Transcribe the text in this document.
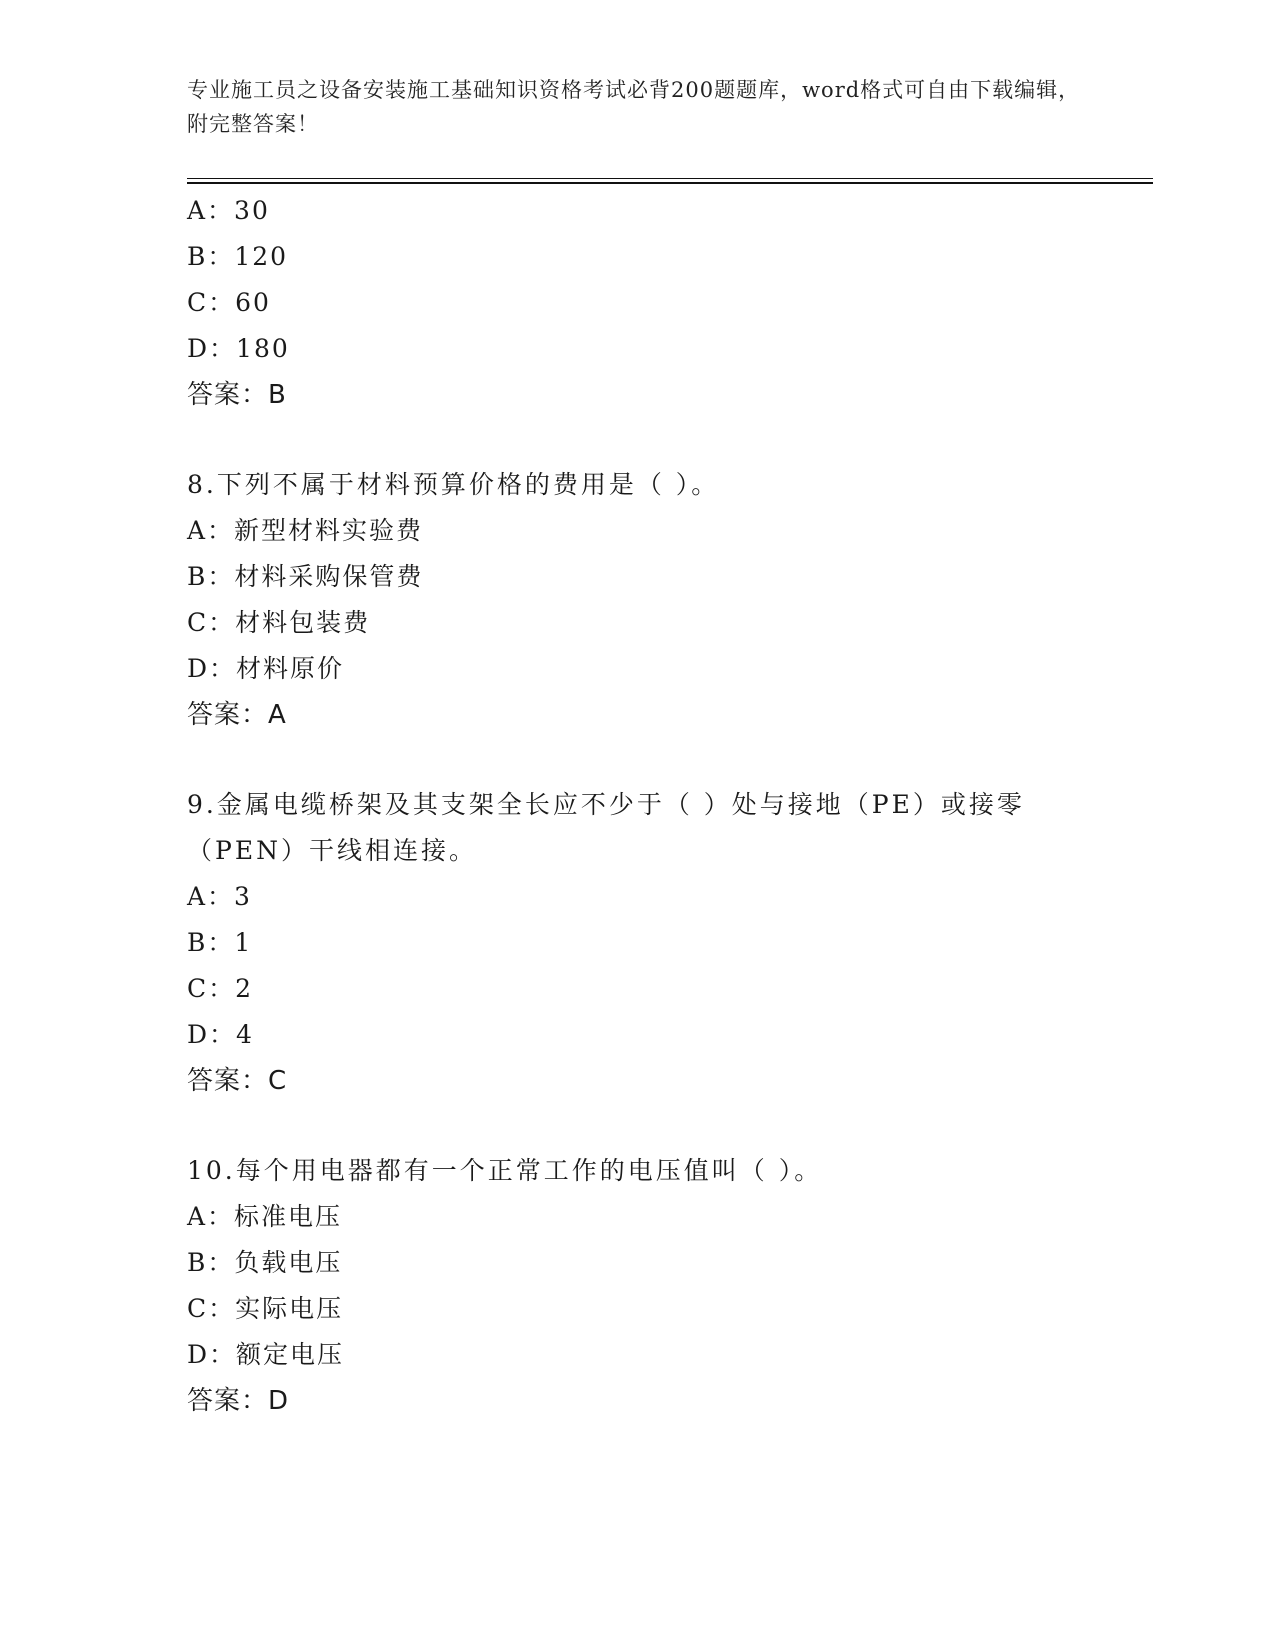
专业施工员之设备安装施工基础知识资格考试必背200题题库，word格式可自由下载编辑，附完整答案！
A：30
B：120
C：60
D：180
答案：B
8.下列不属于材料预算价格的费用是（ ）。
A：新型材料实验费
B：材料采购保管费
C：材料包装费
D：材料原价
答案：A
9.金属电缆桥架及其支架全长应不少于（ ）处与接地（PE）或接零（PEN）干线相连接。
A：3
B：1
C：2
D：4
答案：C
10.每个用电器都有一个正常工作的电压值叫（ ）。
A：标准电压
B：负载电压
C：实际电压
D：额定电压
答案：D
